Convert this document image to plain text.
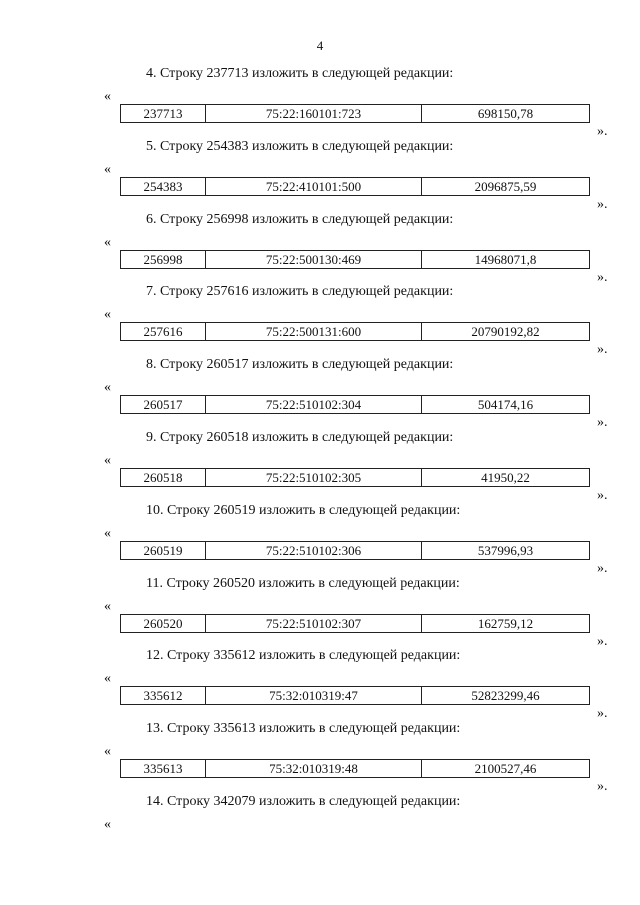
4
4. Строку 237713 изложить в следующей редакции:
«
237713	75:22:160101:723	698150,78
».
5. Строку 254383 изложить в следующей редакции:
«
254383	75:22:410101:500	2096875,59
».
6. Строку 256998 изложить в следующей редакции:
«
256998	75:22:500130:469	14968071,8
».
7. Строку 257616 изложить в следующей редакции:
«
257616	75:22:500131:600	20790192,82
».
8. Строку 260517 изложить в следующей редакции:
«
260517	75:22:510102:304	504174,16
».
9. Строку 260518 изложить в следующей редакции:
«
260518	75:22:510102:305	41950,22
».
10. Строку 260519 изложить в следующей редакции:
«
260519	75:22:510102:306	537996,93
».
11. Строку 260520 изложить в следующей редакции:
«
260520	75:22:510102:307	162759,12
».
12. Строку 335612 изложить в следующей редакции:
«
335612	75:32:010319:47	52823299,46
».
13. Строку 335613 изложить в следующей редакции:
«
335613	75:32:010319:48	2100527,46
».
14. Строку 342079 изложить в следующей редакции:
«
